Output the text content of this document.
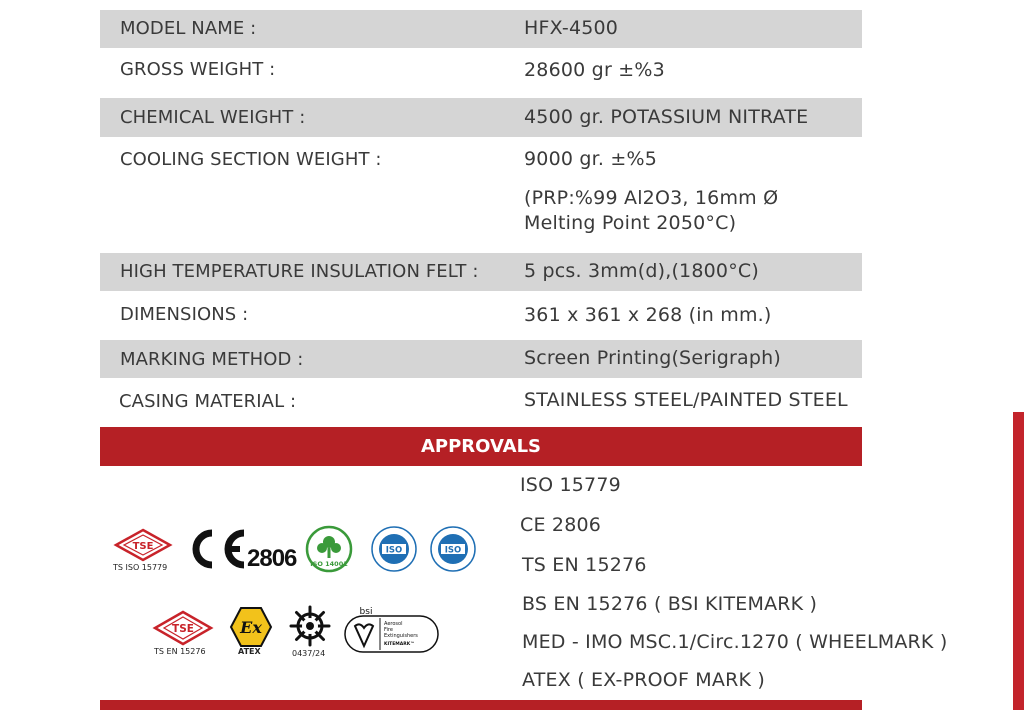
MODEL NAME :	HFX-4500
GROSS WEIGHT :	28600 gr ±%3
CHEMICAL WEIGHT :	4500 gr. POTASSIUM NITRATE
COOLING SECTION WEIGHT :	9000 gr. ±%5
(PRP:%99 Al2O3, 16mm Ø
Melting Point 2050°C)
HIGH TEMPERATURE INSULATION FELT : 5 pcs. 3mm(d),(1800°C)
DIMENSIONS :	361 x 361 x 268 (in mm.)
MARKING METHOD :	Screen Printing(Serigraph)
CASING MATERIAL :	STAINLESS STEEL/PAINTED STEEL
APPROVALS
ISO 15779
CE 2806
TS EN 15276
BS EN 15276 ( BSI KITEMARK )
MED - IMO MSC.1/Circ.1270 ( WHEELMARK )
ATEX ( EX-PROOF MARK )
TSE
TS ISO 15779	2806 ISO 14001
ISO	ISO
TSE
TS EN 15276
Ex
ATEX	0437/24
bsi
Aerosol
Fire
Extinguishers
KITEMARK™
